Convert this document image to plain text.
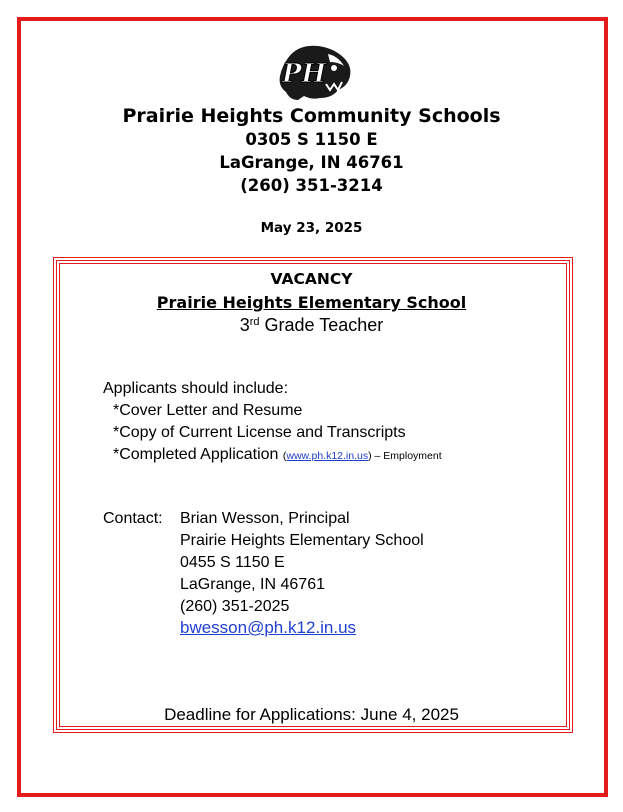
PH
Prairie Heights Community Schools
0305 S 1150 E
LaGrange, IN 46761
(260) 351-3214
May 23, 2025
VACANCY
Prairie Heights Elementary School
3rd Grade Teacher
Applicants should include:
*Cover Letter and Resume
*Copy of Current License and Transcripts
*Completed Application (www.ph.k12.in.us) – Employment
Contact: Brian Wesson, Principal
Prairie Heights Elementary School
0455 S 1150 E
LaGrange, IN 46761
(260) 351-2025
bwesson@ph.k12.in.us
Deadline for Applications: June 4, 2025
